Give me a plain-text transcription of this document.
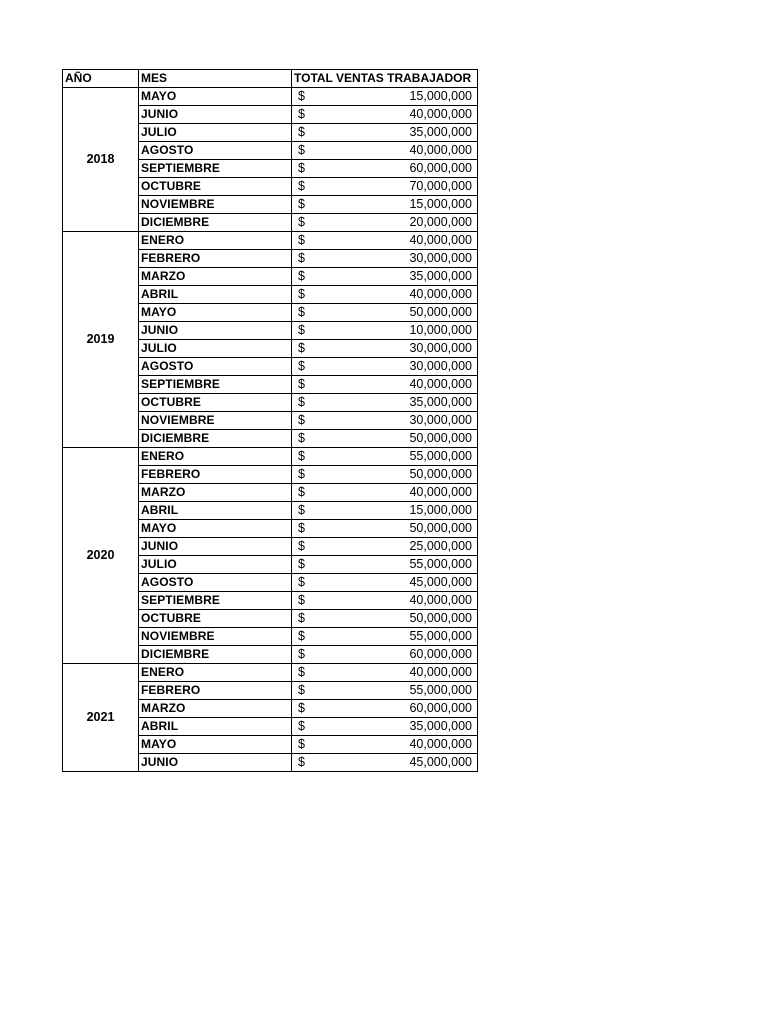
AÑO	MES	TOTAL VENTAS TRABAJADOR
2018	MAYO	$ 15,000,000

	JUNIO	$ 40,000,000

	JULIO	$ 35,000,000

	AGOSTO	$ 40,000,000

	SEPTIEMBRE	$ 60,000,000

	OCTUBRE	$ 70,000,000

	NOVIEMBRE	$ 15,000,000

	DICIEMBRE	$ 20,000,000

2019	ENERO	$ 40,000,000

	FEBRERO	$ 30,000,000

	MARZO	$ 35,000,000

	ABRIL	$ 40,000,000

	MAYO	$ 50,000,000

	JUNIO	$ 10,000,000

	JULIO	$ 30,000,000

	AGOSTO	$ 30,000,000

	SEPTIEMBRE	$ 40,000,000

	OCTUBRE	$ 35,000,000

	NOVIEMBRE	$ 30,000,000

	DICIEMBRE	$ 50,000,000

2020	ENERO	$ 55,000,000

	FEBRERO	$ 50,000,000

	MARZO	$ 40,000,000

	ABRIL	$ 15,000,000

	MAYO	$ 50,000,000

	JUNIO	$ 25,000,000

	JULIO	$ 55,000,000

	AGOSTO	$ 45,000,000

	SEPTIEMBRE	$ 40,000,000

	OCTUBRE	$ 50,000,000

	NOVIEMBRE	$ 55,000,000

	DICIEMBRE	$ 60,000,000

2021	ENERO	$ 40,000,000

	FEBRERO	$ 55,000,000

	MARZO	$ 60,000,000

	ABRIL	$ 35,000,000

	MAYO	$ 40,000,000

	JUNIO	$ 45,000,000
